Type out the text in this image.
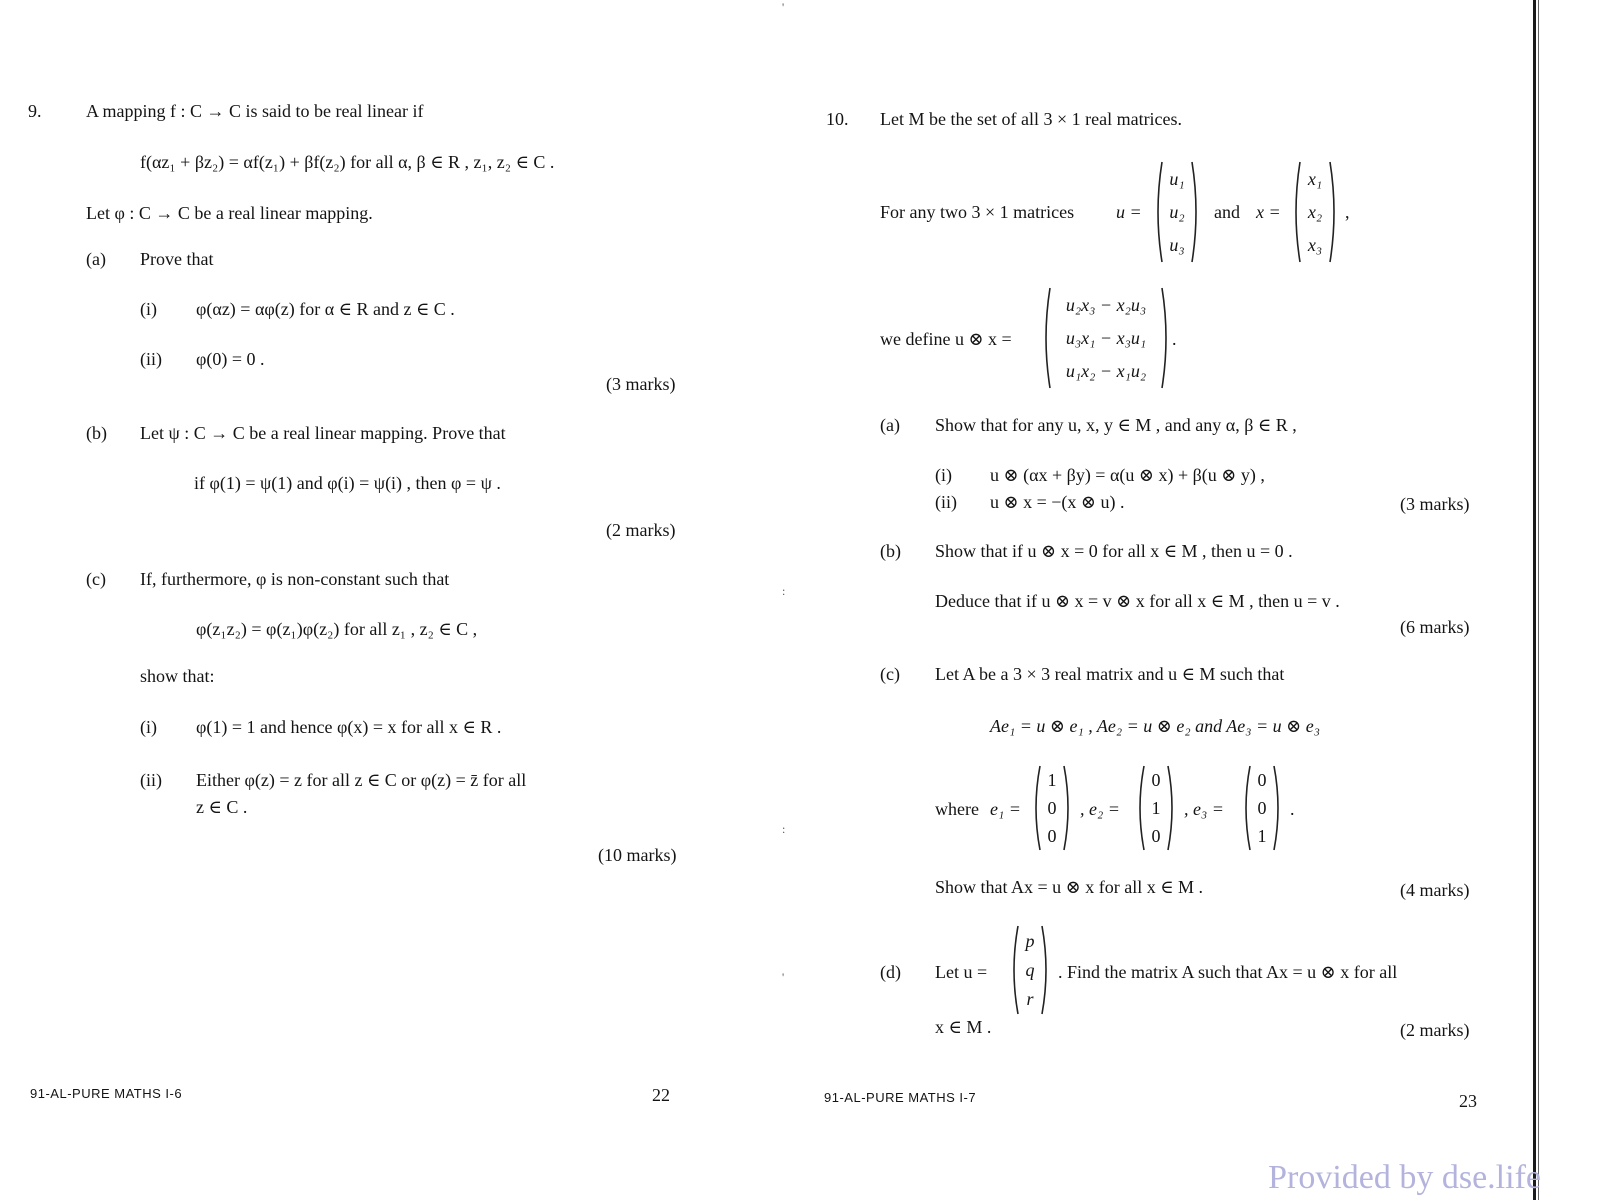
9. A mapping f : C → C is said to be real linear if
f(αz₁ + βz₂) = αf(z₁) + βf(z₂) for all α, β ∈ R , z₁, z₂ ∈ C .
Let φ : C → C be a real linear mapping.
(a) Prove that
(i) φ(αz) = αφ(z) for α ∈ R and z ∈ C .
(ii) φ(0) = 0 .
(3 marks)
(b) Let ψ : C → C be a real linear mapping. Prove that
if φ(1) = ψ(1) and φ(i) = ψ(i) , then φ = ψ .
(2 marks)
(c) If, furthermore, φ is non-constant such that
φ(z₁z₂) = φ(z₁)φ(z₂) for all z₁ , z₂ ∈ C ,
show that:
(i) φ(1) = 1 and hence φ(x) = x for all x ∈ R .
(ii) Either φ(z) = z for all z ∈ C or φ(z) = z̄ for all
z ∈ C .
(10 marks)
91-AL-PURE MATHS I-6	22
'
:
:
'
10. Let M be the set of all 3 × 1 real matrices.
For any two 3 × 1 matrices u =
u₁
u₂
u₃
and x =
x₁
x₂
x₃
,
we define u ⊗ x =
u₂x₃ − x₂u₃
u₃x₁ − x₃u₁
u₁x₂ − x₁u₂
.
(a) Show that for any u, x, y ∈ M , and any α, β ∈ R ,
(i) u ⊗ (αx + βy) = α(u ⊗ x) + β(u ⊗ y) ,
(ii) u ⊗ x = −(x ⊗ u) .	(3 marks)
(b) Show that if u ⊗ x = 0 for all x ∈ M , then u = 0 .
Deduce that if u ⊗ x = v ⊗ x for all x ∈ M , then u = v .
(6 marks)
(c) Let A be a 3 × 3 real matrix and u ∈ M such that
Ae₁ = u ⊗ e₁ , Ae₂ = u ⊗ e₂ and Ae₃ = u ⊗ e₃
where e₁ =
1
0
0
, e₂ =
0
1
0
, e₃ =
0
0
1
.
Show that Ax = u ⊗ x for all x ∈ M .	(4 marks)
(d) Let u =
p
q
r
. Find the matrix A such that Ax = u ⊗ x for all
x ∈ M .	(2 marks)
91-AL-PURE MATHS I-7	23
Provided by dse.life
